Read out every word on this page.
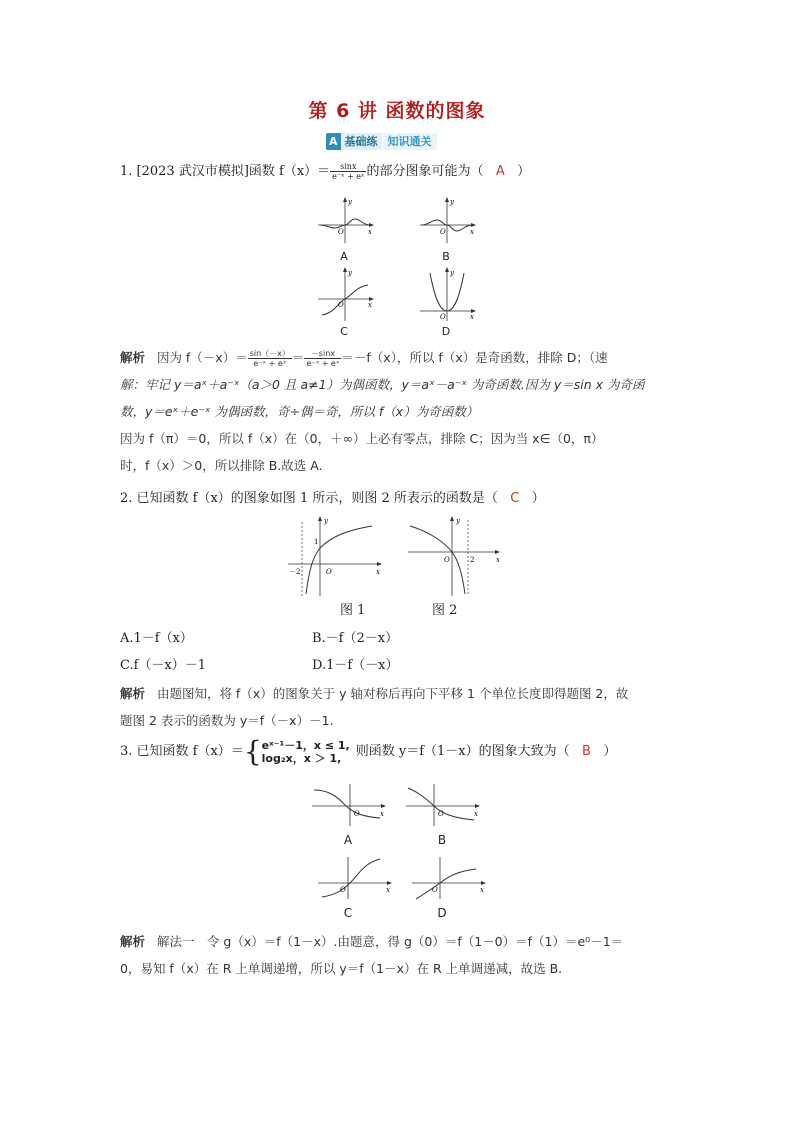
第 6 讲 函数的图象
A 基础练 知识通关
1. [2023 武汉市模拟]函数 $f(x)= \frac{\sin x}{\text{e⁻ˣ + eˣ}}$ 的部分图象可能为（ A ）
y
x
O
A
y
x
O
B
y
x
O
C
y
x
O
D
解析 因为 $f(-x)= \frac{\sin(-x)}{\text{e⁻ˣ + eˣ}} = \frac{-\sin x}{\text{e⁻ˣ + eˣ}} =-f(x)$，所以 f（x）是奇函数，排除 D；（速
解：牢记 y＝aˣ＋a⁻ˣ（a＞0 且 a≠1）为偶函数，y＝aˣ－a⁻ˣ 为奇函数.因为 y＝sin x 为奇函
数，y＝eˣ＋e⁻ˣ 为偶函数，奇÷偶＝奇，所以 f（x）为奇函数）
因为 f（π）＝0，所以 f（x）在（0，＋∞）上必有零点，排除 C；因为当 x∈（0，π）
时，f（x）＞0，所以排除 B.故选 A.
2. 已知函数 f（x）的图象如图 1 所示，则图 2 所表示的函数是（ C ）
y
x
O
1
－2
y
x
O	2
图 1	图 2
A.1－f（x）	B.－f（2－x）
C.f（－x）－1	D.1－f（－x）
解析 由题图知，将 f（x）的图象关于 y 轴对称后再向下平移 1 个单位长度即得题图 2，故
题图 2 表示的函数为 y＝f（－x）－1.
3. 已知函数 f（x）＝ { eˣ⁻¹－1，x ≤ 1,
log₂x，x ＞ 1,	则函数 y＝f（1－x）的图象大致为（
B
）
O	x
A
O	x
B
O	x
C
O	x
D
解析 解法一　令 g（x）＝f（1－x）.由题意，得 g（0）＝f（1－0）＝f（1）＝e⁰－1＝
0，易知 f（x）在 R 上单调递增，所以 y＝f（1－x）在 R 上单调递减，故选 B.
